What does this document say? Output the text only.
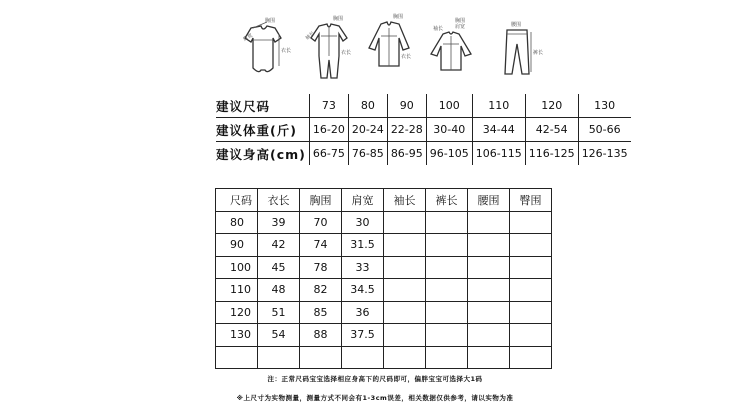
肩宽
胸围
衣长
袖长
胸围
衣长
胸围
衣长
袖长
胸围
肩宽	腰围
裤长
建议尺码	73	80	90	100	110	120	130
建议体重(斤)	16-20	20-24	22-28	30-40	34-44	42-54	50-66
建议身高(cm)	66-75	76-85	86-95	96-105	106-115	116-125	126-135
尺码	衣长	胸围	肩宽	袖长	裤长	腰围	臀围
80	39	70	30				
90	42	74	31.5				
100	45	78	33				
110	48	82	34.5				
120	51	85	36				
130	54	88	37.5				

注：正常尺码宝宝选择相应身高下的尺码即可，偏胖宝宝可选择大1码
※上尺寸为实物测量，测量方式不同会有1-3cm误差，相关数据仅供参考，请以实物为准
